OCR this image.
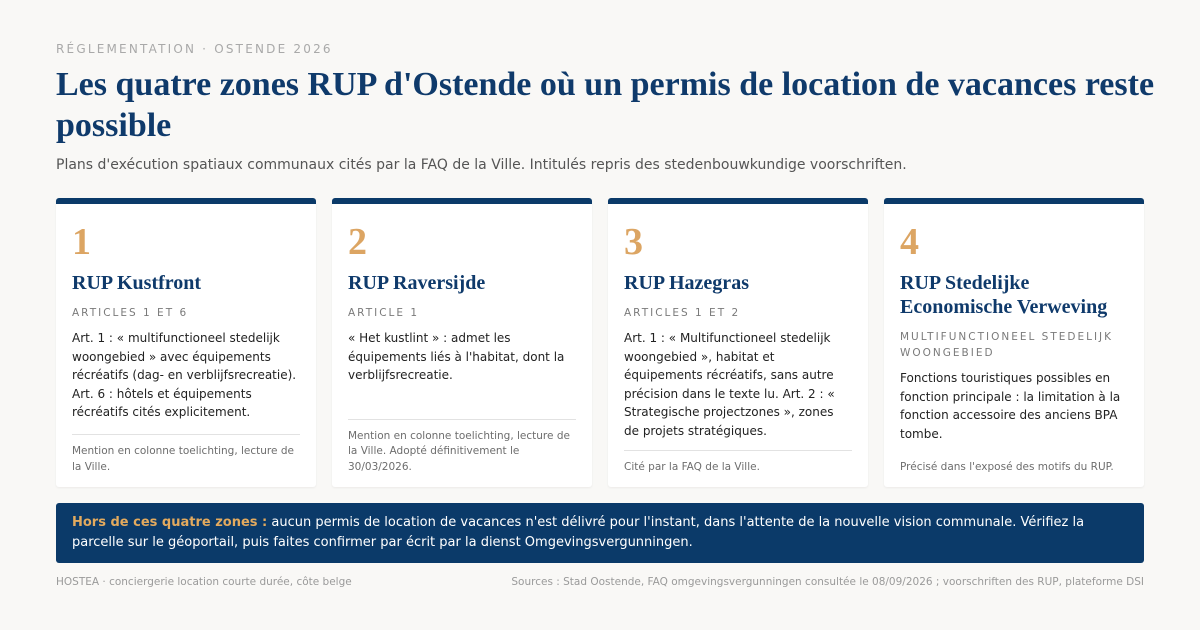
RÉGLEMENTATION · OSTENDE 2026
Les quatre zones RUP d'Ostende où un permis de location de vacances reste possible

Plans d'exécution spatiaux communaux cités par la FAQ de la Ville. Intitulés repris des stedenbouwkundige voorschriften.

1
RUP Kustfront
ARTICLES 1 ET 6
Art. 1 : « multifunctioneel stedelijk woongebied » avec équipements récréatifs (dag- en verblijfsrecreatie). Art. 6 : hôtels et équipements récréatifs cités explicitement.
Mention en colonne toelichting, lecture de la Ville.
2
RUP Raversijde
ARTICLE 1
« Het kustlint » : admet les équipements liés à l'habitat, dont la verblijfsrecreatie.
Mention en colonne toelichting, lecture de la Ville. Adopté définitivement le 30/03/2026.
3
RUP Hazegras
ARTICLES 1 ET 2
Art. 1 : « Multifunctioneel stedelijk woongebied », habitat et équipements récréatifs, sans autre précision dans le texte lu. Art. 2 : « Strategische projectzones », zones de projets stratégiques.
Cité par la FAQ de la Ville.
4
RUP Stedelijke Economische Verweving
MULTIFUNCTIONEEL STEDELIJK WOONGEBIED
Fonctions touristiques possibles en fonction principale : la limitation à la fonction accessoire des anciens BPA tombe.
Précisé dans l'exposé des motifs du RUP.
Hors de ces quatre zones : aucun permis de location de vacances n'est délivré pour l'instant, dans l'attente de la nouvelle vision communale. Vérifiez la parcelle sur le géoportail, puis faites confirmer par écrit par la dienst Omgevingsvergunningen.
HOSTEA · conciergerie location courte durée, côte belge	Sources : Stad Oostende, FAQ omgevingsvergunningen consultée le 08/09/2026 ; voorschriften des RUP, plateforme DSI
